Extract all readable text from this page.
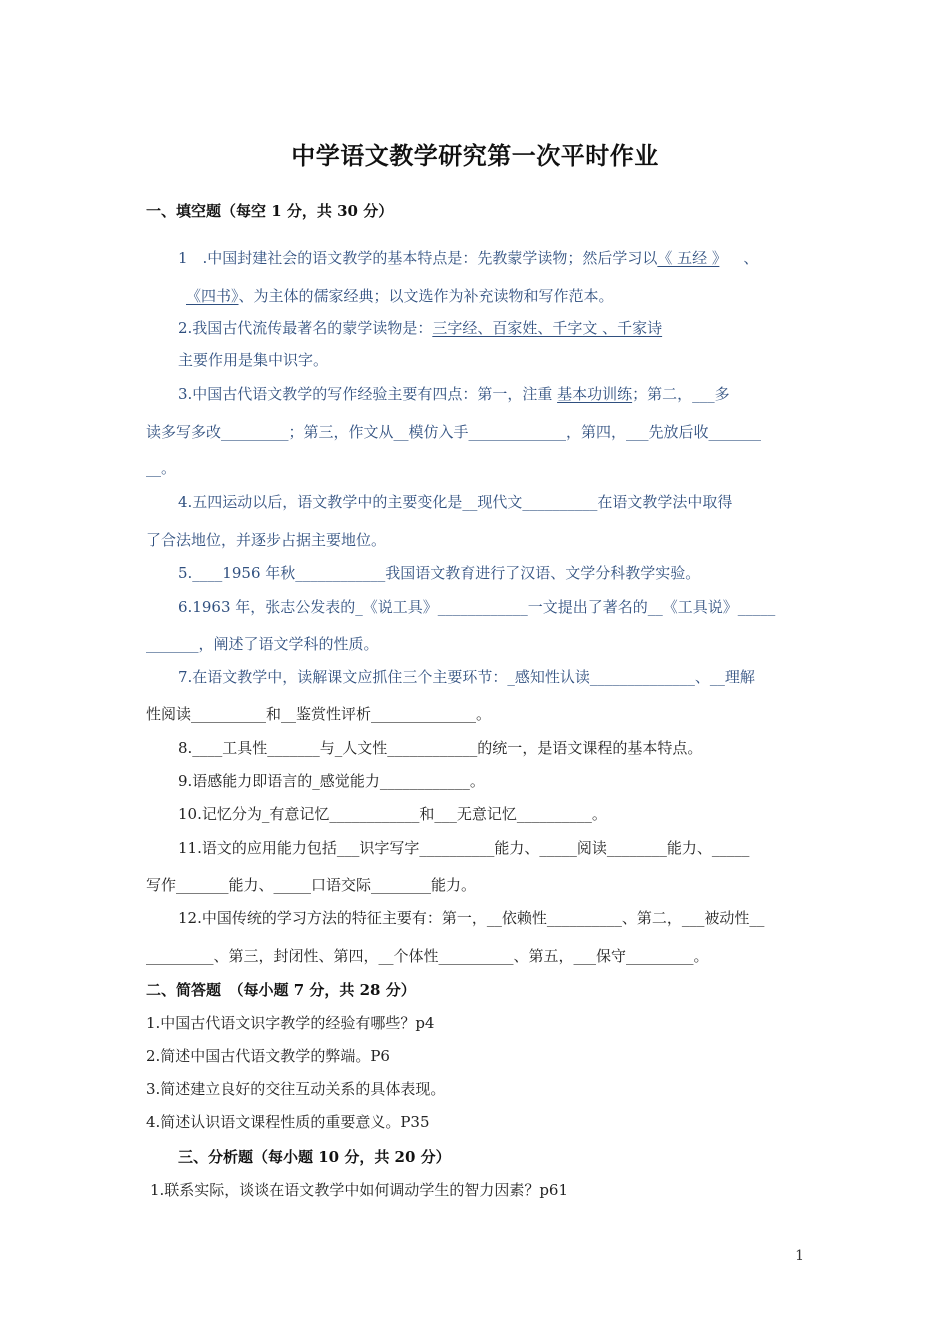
中学语文教学研究第一次平时作业
一、填空题（每空 1 分，共 30 分）
1　.中国封建社会的语文教学的基本特点是：先教蒙学读物；然后学习以《 五经 》 、
《四书》、为主体的儒家经典；以文选作为补充读物和写作范本。
2.我国古代流传最著名的蒙学读物是：三字经、百家姓、千字文 、千家诗
主要作用是集中识字。
3.中国古代语文教学的写作经验主要有四点：第一，注重 基本功训练；第二，___多
读多写多改_________；第三，作文从__模仿入手_____________，第四，___先放后收_______
__。
4.五四运动以后，语文教学中的主要变化是__现代文__________在语文教学法中取得
了合法地位，并逐步占据主要地位。
5.____1956 年秋____________我国语文教育进行了汉语、文学分科教学实验。
6.1963 年，张志公发表的_《说工具》____________一文提出了著名的__《工具说》_____
_______，阐述了语文学科的性质。
7.在语文教学中，读解课文应抓住三个主要环节：_感知性认读______________、__理解
性阅读__________和__鉴赏性评析______________。
8.____工具性_______与_人文性____________的统一，是语文课程的基本特点。
9.语感能力即语言的_感觉能力____________。
10.记忆分为_有意记忆____________和___无意记忆__________。
11.语文的应用能力包括___识字写字__________能力、_____阅读________能力、_____
写作_______能力、_____口语交际________能力。
12.中国传统的学习方法的特征主要有：第一，__依赖性__________、第二，___被动性__
_________、第三，封闭性、第四，__个体性__________、第五，___保守_________。
二、简答题　（每小题 7 分，共 28 分）
1.中国古代语文识字教学的经验有哪些？p4
2.简述中国古代语文教学的弊端。P6
3.简述建立良好的交往互动关系的具体表现。
4.简述认识语文课程性质的重要意义。P35
三、分析题（每小题 10 分，共 20 分）
1.联系实际，谈谈在语文教学中如何调动学生的智力因素？p61
1
